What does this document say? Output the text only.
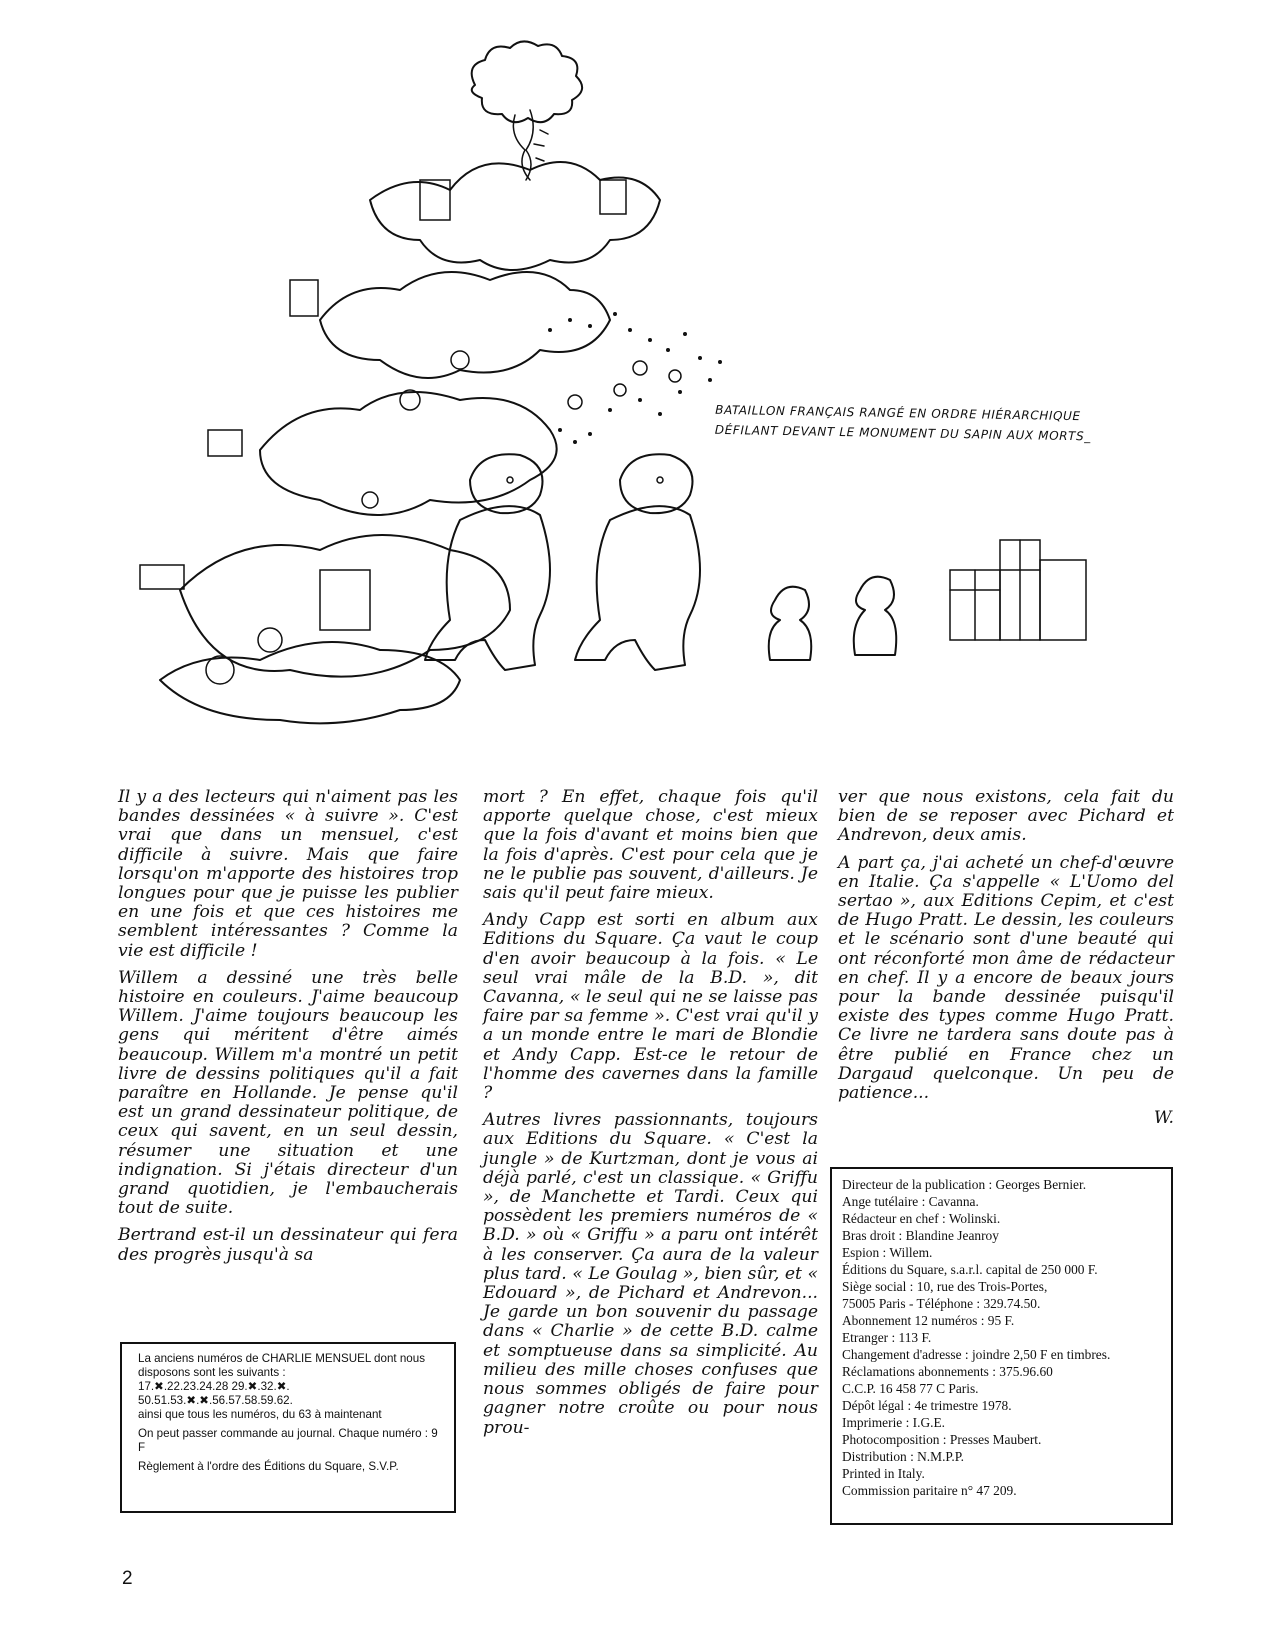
BATAILLON FRANÇAIS RANGÉ EN ORDRE HIÉRARCHIQUE
DÉFILANT DEVANT LE MONUMENT DU SAPIN AUX MORTS_

Il y a des lecteurs qui n'aiment pas les bandes dessinées « à suivre ». C'est vrai que dans un mensuel, c'est difficile à suivre. Mais que faire lorsqu'on m'apporte des histoires trop longues pour que je puisse les publier en une fois et que ces histoires me semblent intéressantes ? Comme la vie est difficile !

Willem a dessiné une très belle histoire en couleurs. J'aime beaucoup Willem. J'aime toujours beaucoup les gens qui méritent d'être aimés beaucoup. Willem m'a montré un petit livre de dessins politiques qu'il a fait paraître en Hollande. Je pense qu'il est un grand dessinateur politique, de ceux qui savent, en un seul dessin, résumer une situation et une indignation. Si j'étais directeur d'un grand quotidien, je l'embaucherais tout de suite.

Bertrand est-il un dessinateur qui fera des progrès jusqu'à sa

mort ? En effet, chaque fois qu'il apporte quelque chose, c'est mieux que la fois d'avant et moins bien que la fois d'après. C'est pour cela que je ne le publie pas souvent, d'ailleurs. Je sais qu'il peut faire mieux.

Andy Capp est sorti en album aux Editions du Square. Ça vaut le coup d'en avoir beaucoup à la fois. « Le seul vrai mâle de la B.D. », dit Cavanna, « le seul qui ne se laisse pas faire par sa femme ». C'est vrai qu'il y a un monde entre le mari de Blondie et Andy Capp. Est-ce le retour de l'homme des cavernes dans la famille ?

Autres livres passionnants, toujours aux Editions du Square. « C'est la jungle » de Kurtzman, dont je vous ai déjà parlé, c'est un classique. « Griffu », de Manchette et Tardi. Ceux qui possèdent les premiers numéros de « B.D. » où « Griffu » a paru ont intérêt à les conserver. Ça aura de la valeur plus tard. « Le Goulag », bien sûr, et « Edouard », de Pichard et Andrevon... Je garde un bon souvenir du passage dans « Charlie » de cette B.D. calme et somptueuse dans sa simplicité. Au milieu des mille choses confuses que nous sommes obligés de faire pour gagner notre croûte ou pour nous prou-

ver que nous existons, cela fait du bien de se reposer avec Pichard et Andrevon, deux amis.

A part ça, j'ai acheté un chef-d'œuvre en Italie. Ça s'appelle « L'Uomo del sertao », aux Editions Cepim, et c'est de Hugo Pratt. Le dessin, les couleurs et le scénario sont d'une beauté qui ont réconforté mon âme de rédacteur en chef. Il y a encore de beaux jours pour la bande dessinée puisqu'il existe des types comme Hugo Pratt. Ce livre ne tardera sans doute pas à être publié en France chez un Dargaud quelconque. Un peu de patience...

W.

La anciens numéros de CHARLIE MENSUEL dont nous disposons sont les suivants :
17.✖.22.23.24.28 29.✖.32.✖.
50.51.53.✖.✖.56.57.58.59.62.
ainsi que tous les numéros, du 63 à maintenant

On peut passer commande au journal. Chaque numéro : 9 F

Règlement à l'ordre des Éditions du Square, S.V.P.

Directeur de la publication : Georges Bernier.
Ange tutélaire : Cavanna.
Rédacteur en chef : Wolinski.
Bras droit : Blandine Jeanroy
Espion : Willem.
Éditions du Square, s.a.r.l. capital de 250 000 F.
Siège social : 10, rue des Trois-Portes,
75005 Paris - Téléphone : 329.74.50.
Abonnement 12 numéros : 95 F.
Etranger : 113 F.
Changement d'adresse : joindre 2,50 F en timbres.
Réclamations abonnements : 375.96.60
C.C.P. 16 458 77 C Paris.
Dépôt légal : 4e trimestre 1978.
Imprimerie : I.G.E.
Photocomposition : Presses Maubert.
Distribution : N.M.P.P.
Printed in Italy.
Commission paritaire n° 47 209.
2
